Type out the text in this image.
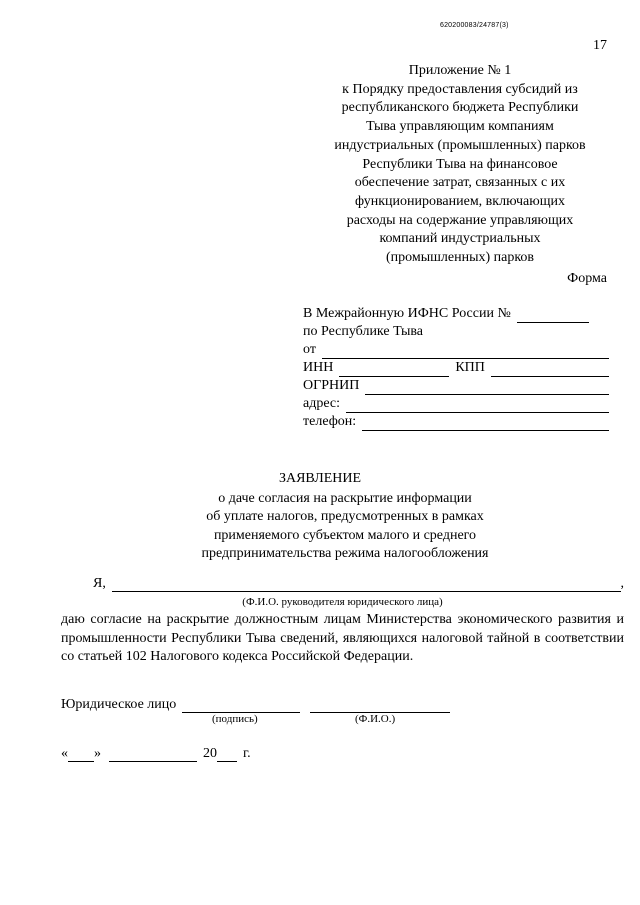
620200083/24787(3)
17
Приложение № 1
к Порядку предоставления субсидий из
республиканского бюджета Республики
Тыва управляющим компаниям
индустриальных (промышленных) парков
Республики Тыва на финансовое
обеспечение затрат, связанных с их
функционированием, включающих
расходы на содержание управляющих
компаний индустриальных
(промышленных) парков
Форма
В Межрайонную ИФНС России №
по Республике Тыва
от
ИНН	КПП
ОГРНИП
адрес:
телефон:
ЗАЯВЛЕНИЕ
о даче согласия на раскрытие информации
об уплате налогов, предусмотренных в рамках
применяемого субъектом малого и среднего
предпринимательства режима налогообложения
Я,	,
(Ф.И.О. руководителя юридического лица)
даю согласие на раскрытие должностным лицам Министерства экономического развития и промышленности Республики Тыва сведений, являющихся налоговой тайной в соответствии со статьей 102 Налогового кодекса Российской Федерации.
Юридическое лицо
(подпись)	(Ф.И.О.)
« »	20 г.
